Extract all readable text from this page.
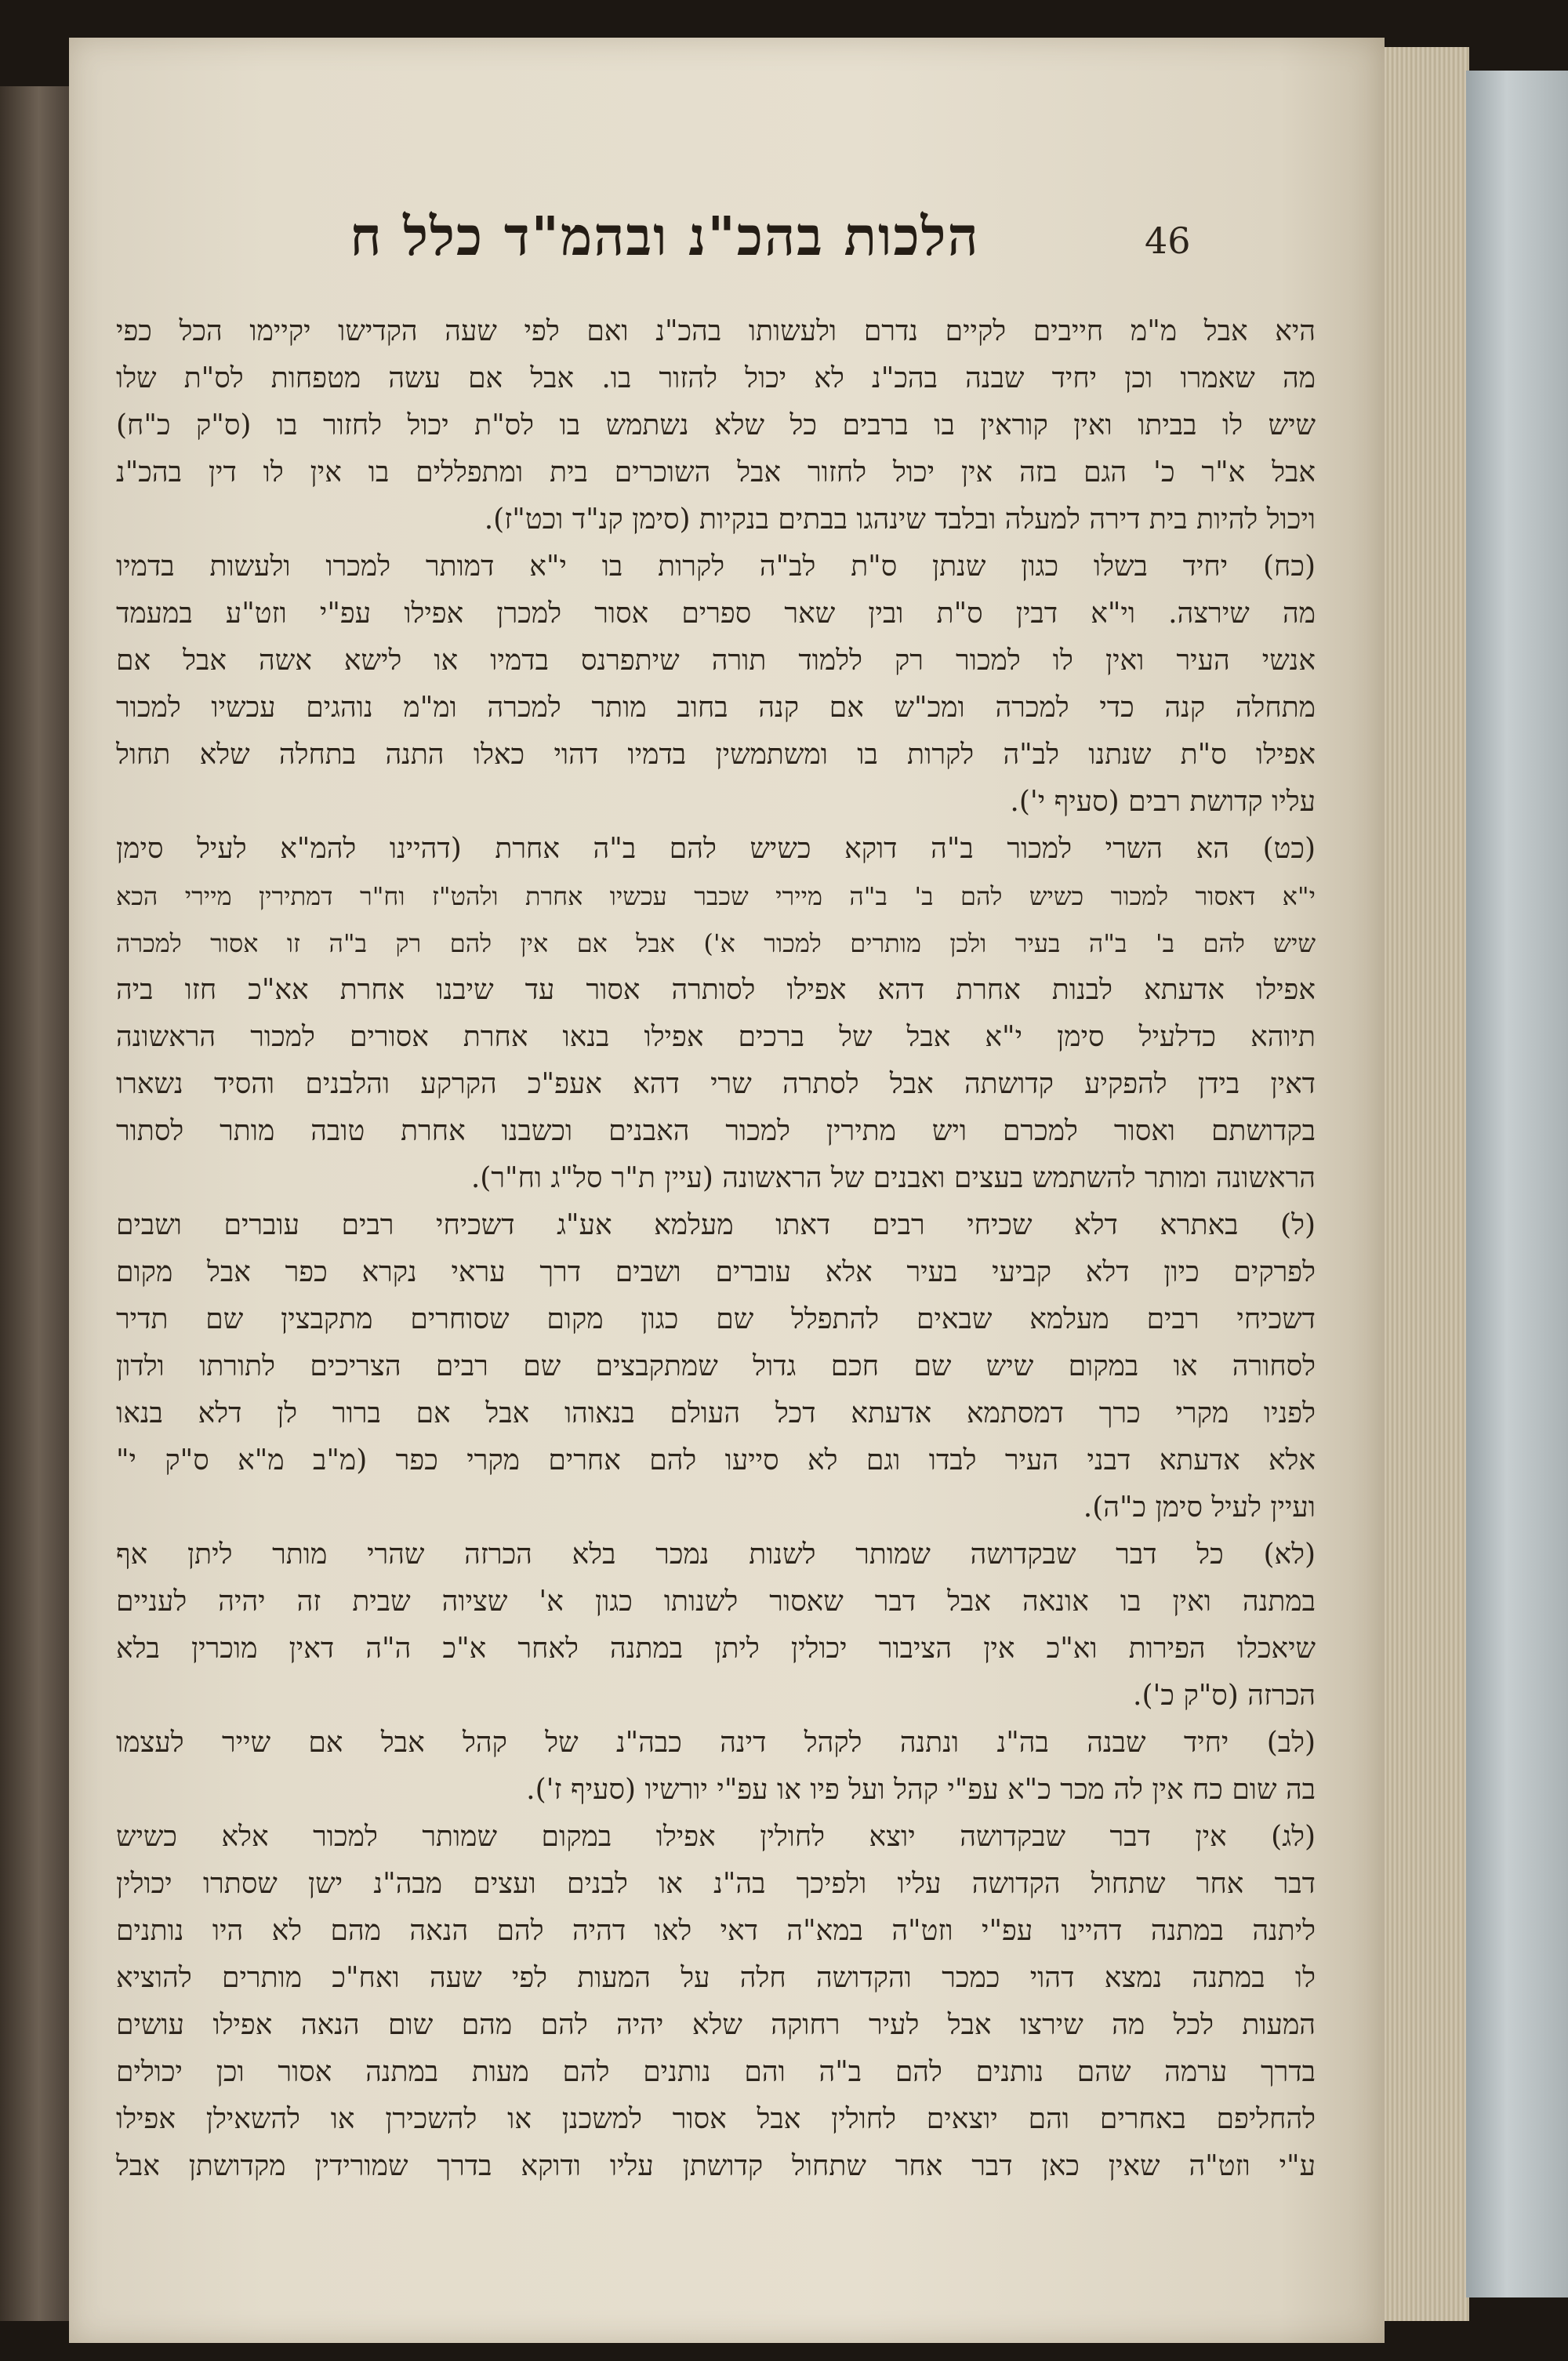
הלכות בהכ"נ ובהמ"ד כלל ח	46
היא אבל מ"מ חייבים לקיים נדרם ולעשותו בהכ"נ ואם לפי שעה הקדישו יקיימו הכל כפי
מה שאמרו וכן יחיד שבנה בהכ"נ לא יכול להזור בו. אבל אם עשה מטפחות לס"ת שלו
שיש לו בביתו ואין קוראין בו ברבים כל שלא נשתמש בו לס"ת יכול לחזור בו (ס"ק כ"ח)
אבל א"ר כ' הגם בזה אין יכול לחזור אבל השוכרים בית ומתפללים בו אין לו דין בהכ"נ
ויכול להיות בית דירה למעלה ובלבד שינהגו בבתים בנקיות (סימן קנ"ד וכט"ז).
(כח) יחיד בשלו כגון שנתן ס"ת לב"ה לקרות בו י"א דמותר למכרו ולעשות בדמיו
מה שירצה. וי"א דבין ס"ת ובין שאר ספרים אסור למכרן אפילו עפ"י וזט"ע במעמד
אנשי העיר ואין לו למכור רק ללמוד תורה שיתפרנס בדמיו או לישא אשה אבל אם
מתחלה קנה כדי למכרה ומכ"ש אם קנה בחוב מותר למכרה ומ"מ נוהגים עכשיו למכור
אפילו ס"ת שנתנו לב"ה לקרות בו ומשתמשין בדמיו דהוי כאלו התנה בתחלה שלא תחול
עליו קדושת רבים (סעיף י').
(כט) הא השרי למכור ב"ה דוקא כשיש להם ב"ה אחרת (דהיינו להמ"א לעיל סימן
י"א דאסור למכור כשיש להם ב' ב"ה מיירי שכבר עכשיו אחרת ולהט"ז וח"ר דמתירין מיירי הכא
שיש להם ב' ב"ה בעיר ולכן מותרים למכור א') אבל אם אין להם רק ב"ה זו אסור למכרה
אפילו אדעתא לבנות אחרת דהא אפילו לסותרה אסור עד שיבנו אחרת אא"כ חזו ביה
תיוהא כדלעיל סימן י"א אבל של ברכים אפילו בנאו אחרת אסורים למכור הראשונה
דאין בידן להפקיע קדושתה אבל לסתרה שרי דהא אעפ"כ הקרקע והלבנים והסיד נשארו
בקדושתם ואסור למכרם ויש מתירין למכור האבנים וכשבנו אחרת טובה מותר לסתור
הראשונה ומותר להשתמש בעצים ואבנים של הראשונה (עיין ת"ר סל"ג וח"ר).
(ל) באתרא דלא שכיחי רבים דאתו מעלמא אע"ג דשכיחי רבים עוברים ושבים
לפרקים כיון דלא קביעי בעיר אלא עוברים ושבים דרך עראי נקרא כפר אבל מקום
דשכיחי רבים מעלמא שבאים להתפלל שם כגון מקום שסוחרים מתקבצין שם תדיר
לסחורה או במקום שיש שם חכם גדול שמתקבצים שם רבים הצריכים לתורתו ולדון
לפניו מקרי כרך דמסתמא אדעתא דכל העולם בנאוהו אבל אם ברור לן דלא בנאו
אלא אדעתא דבני העיר לבדו וגם לא סייעו להם אחרים מקרי כפר (מ"ב מ"א ס"ק י"
ועיין לעיל סימן כ"ה).
(לא) כל דבר שבקדושה שמותר לשנות נמכר בלא הכרזה שהרי מותר ליתן אף
במתנה ואין בו אונאה אבל דבר שאסור לשנותו כגון א' שציוה שבית זה יהיה לעניים
שיאכלו הפירות וא"כ אין הציבור יכולין ליתן במתנה לאחר א"כ ה"ה דאין מוכרין בלא
הכרזה (ס"ק כ').
(לב) יחיד שבנה בה"נ ונתנה לקהל דינה כבה"נ של קהל אבל אם שייר לעצמו
בה שום כח אין לה מכר כ"א עפ"י קהל ועל פיו או עפ"י יורשיו (סעיף ז').
(לג) אין דבר שבקדושה יוצא לחולין אפילו במקום שמותר למכור אלא כשיש
דבר אחר שתחול הקדושה עליו ולפיכך בה"נ או לבנים ועצים מבה"נ ישן שסתרו יכולין
ליתנה במתנה דהיינו עפ"י וזט"ה במא"ה דאי לאו דהיה להם הנאה מהם לא היו נותנים
לו במתנה נמצא דהוי כמכר והקדושה חלה על המעות לפי שעה ואח"כ מותרים להוציא
המעות לכל מה שירצו אבל לעיר רחוקה שלא יהיה להם מהם שום הנאה אפילו עושים
בדרך ערמה שהם נותנים להם ב"ה והם נותנים להם מעות במתנה אסור וכן יכולים
להחליפם באחרים והם יוצאים לחולין אבל אסור למשכנן או להשכירן או להשאילן אפילו
ע"י וזט"ה שאין כאן דבר אחר שתחול קדושתן עליו ודוקא בדרך שמורידין מקדושתן אבל
